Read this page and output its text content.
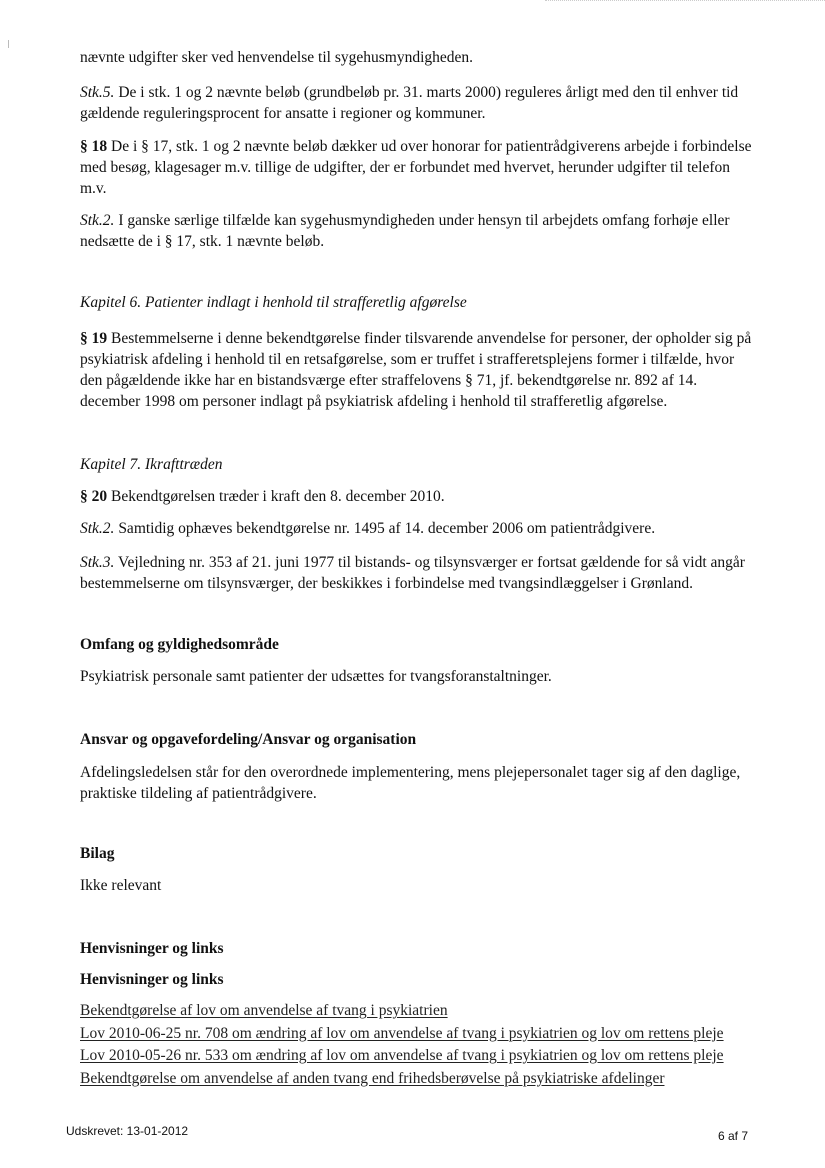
nævnte udgifter sker ved henvendelse til sygehusmyndigheden.

Stk.5. De i stk. 1 og 2 nævnte beløb (grundbeløb pr. 31. marts 2000) reguleres årligt med den til enhver tid gældende reguleringsprocent for ansatte i regioner og kommuner.

§ 18 De i § 17, stk. 1 og 2 nævnte beløb dækker ud over honorar for patientrådgiverens arbejde i forbindelse med besøg, klagesager m.v. tillige de udgifter, der er forbundet med hvervet, herunder udgifter til telefon m.v.

Stk.2. I ganske særlige tilfælde kan sygehusmyndigheden under hensyn til arbejdets omfang forhøje eller nedsætte de i § 17, stk. 1 nævnte beløb.

Kapitel 6. Patienter indlagt i henhold til strafferetlig afgørelse

§ 19 Bestemmelserne i denne bekendtgørelse finder tilsvarende anvendelse for personer, der opholder sig på psykiatrisk afdeling i henhold til en retsafgørelse, som er truffet i strafferetsplejens former i tilfælde, hvor den pågældende ikke har en bistandsværge efter straffelovens § 71, jf. bekendtgørelse nr. 892 af 14. december 1998 om personer indlagt på psykiatrisk afdeling i henhold til strafferetlig afgørelse.

Kapitel 7. Ikrafttræden

§ 20 Bekendtgørelsen træder i kraft den 8. december 2010.

Stk.2. Samtidig ophæves bekendtgørelse nr. 1495 af 14. december 2006 om patientrådgivere.

Stk.3. Vejledning nr. 353 af 21. juni 1977 til bistands- og tilsynsværger er fortsat gældende for så vidt angår bestemmelserne om tilsynsværger, der beskikkes i forbindelse med tvangsindlæggelser i Grønland.

Omfang og gyldighedsområde

Psykiatrisk personale samt patienter der udsættes for tvangsforanstaltninger.

Ansvar og opgavefordeling/Ansvar og organisation

Afdelingsledelsen står for den overordnede implementering, mens plejepersonalet tager sig af den daglige, praktiske tildeling af patientrådgivere.

Bilag

Ikke relevant

Henvisninger og links

Henvisninger og links

Bekendtgørelse af lov om anvendelse af tvang i psykiatrien
Lov 2010-06-25 nr. 708 om ændring af lov om anvendelse af tvang i psykiatrien og lov om rettens pleje
Lov 2010-05-26 nr. 533 om ændring af lov om anvendelse af tvang i psykiatrien og lov om rettens pleje
Bekendtgørelse om anvendelse af anden tvang end frihedsberøvelse på psykiatriske afdelinger
Udskrevet: 13-01-2012	6 af 7
